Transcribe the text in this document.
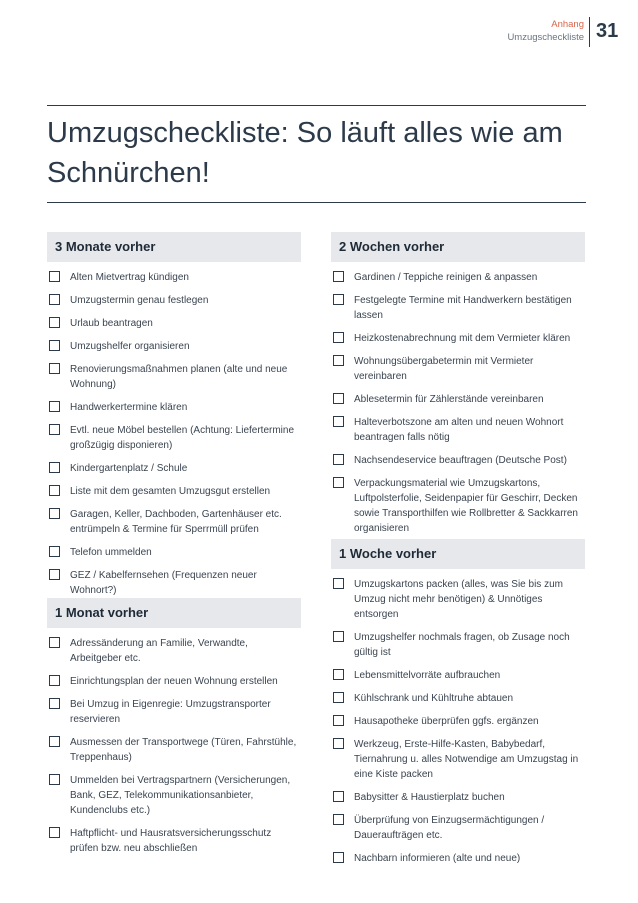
Anhang
Umzugscheckliste 31
Umzugscheckliste: So läuft alles wie am
Schnürchen!
3 Monate vorher
Alten Mietvertrag kündigen
Umzugstermin genau festlegen
Urlaub beantragen
Umzugshelfer organisieren
Renovierungsmaßnahmen planen (alte und neue Wohnung)
Handwerkertermine klären
Evtl. neue Möbel bestellen (Achtung: Liefertermine großzügig disponieren)
Kindergartenplatz / Schule
Liste mit dem gesamten Umzugsgut erstellen
Garagen, Keller, Dachboden, Gartenhäuser etc. entrümpeln & Termine für Sperrmüll prüfen
Telefon ummelden
GEZ / Kabelfernsehen (Frequenzen neuer Wohnort?)
1 Monat vorher
Adressänderung an Familie, Verwandte, Arbeitgeber etc.
Einrichtungsplan der neuen Wohnung erstellen
Bei Umzug in Eigenregie: Umzugstransporter reservieren
Ausmessen der Transportwege (Türen, Fahrstühle, Treppenhaus)
Ummelden bei Vertragspartnern (Versicherungen, Bank, GEZ, Telekommunikationsanbieter, Kundenclubs etc.)
Haftpflicht- und Hausratsversicherungsschutz prüfen bzw. neu abschließen
2 Wochen vorher
Gardinen / Teppiche reinigen & anpassen
Festgelegte Termine mit Handwerkern bestätigen lassen
Heizkostenabrechnung mit dem Vermieter klären
Wohnungsübergabetermin mit Vermieter vereinbaren
Ablesetermin für Zählerstände vereinbaren
Halteverbotszone am alten und neuen Wohnort beantragen falls nötig
Nachsendeservice beauftragen (Deutsche Post)
Verpackungsmaterial wie Umzugskartons, Luftpolsterfolie, Seidenpapier für Geschirr, Decken sowie Transporthilfen wie Rollbretter & Sackkarren organisieren
1 Woche vorher
Umzugskartons packen (alles, was Sie bis zum Umzug nicht mehr benötigen) & Unnötiges entsorgen
Umzugshelfer nochmals fragen, ob Zusage noch gültig ist
Lebensmittelvorräte aufbrauchen
Kühlschrank und Kühltruhe abtauen
Hausapotheke überprüfen ggfs. ergänzen
Werkzeug, Erste-Hilfe-Kasten, Babybedarf, Tiernahrung u. alles Notwendige am Umzugstag in eine Kiste packen
Babysitter & Haustierplatz buchen
Überprüfung von Einzugsermächtigungen / Daueraufträgen etc.
Nachbarn informieren (alte und neue)
